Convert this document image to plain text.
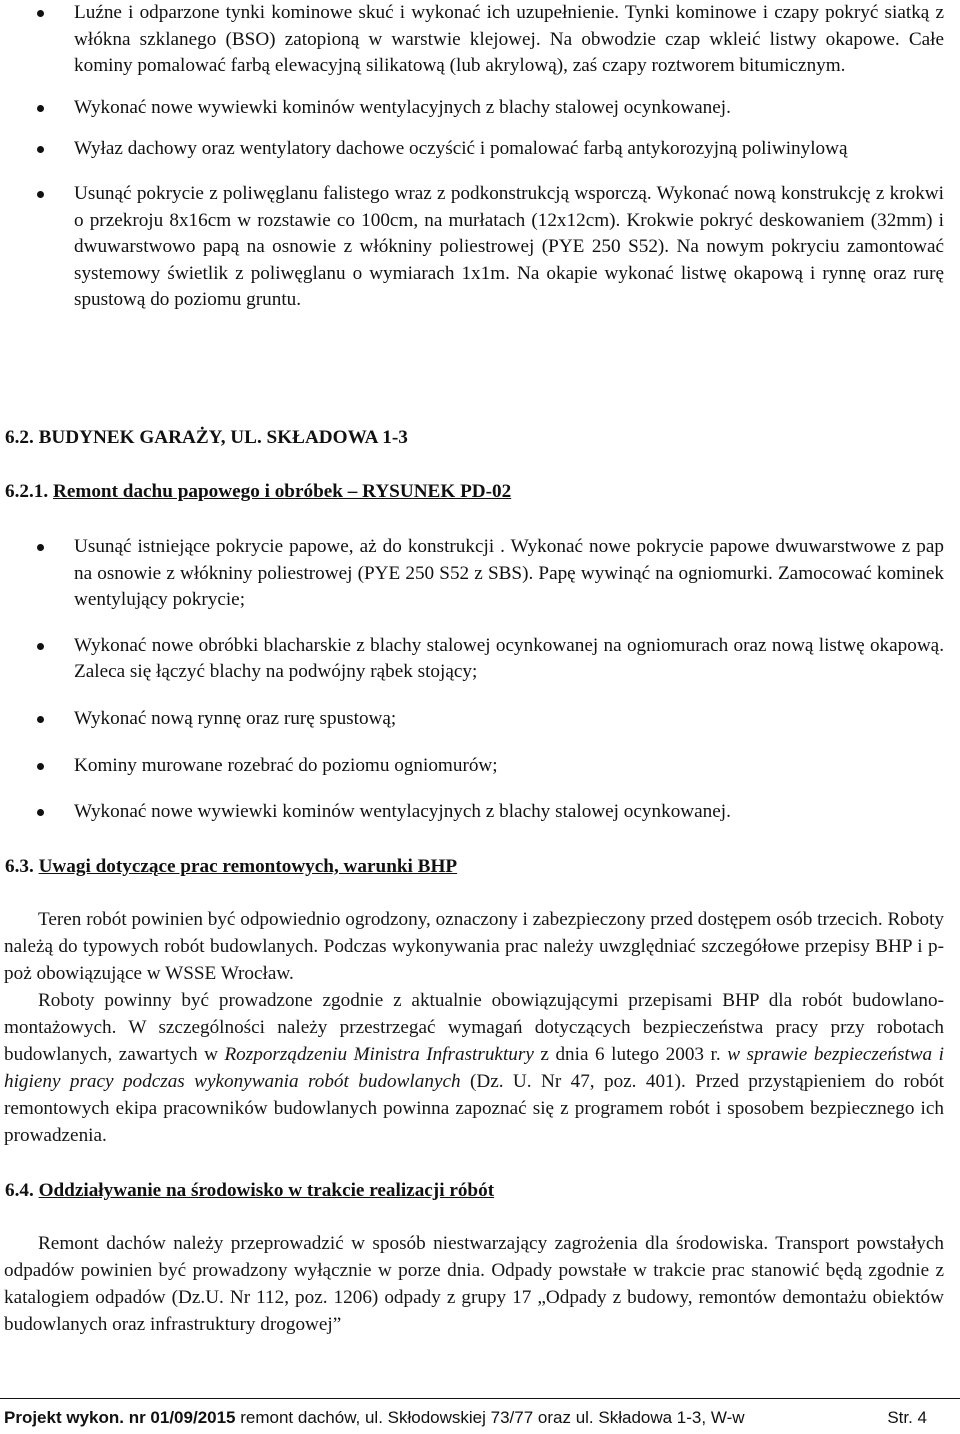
Luźne i odparzone tynki kominowe skuć i wykonać ich uzupełnienie. Tynki kominowe i czapy pokryć siatką z włókna szklanego (BSO) zatopioną w warstwie klejowej. Na obwodzie czap wkleić listwy okapowe. Całe kominy pomalować farbą elewacyjną silikatową (lub akrylową), zaś czapy roztworem bitumicznym.
Wykonać nowe wywiewki kominów wentylacyjnych z blachy stalowej ocynkowanej.
Wyłaz dachowy oraz wentylatory dachowe oczyścić i pomalować farbą antykorozyjną poliwinylową
Usunąć pokrycie z poliwęglanu falistego wraz z podkonstrukcją wsporczą. Wykonać nową konstrukcję z krokwi o przekroju 8x16cm w rozstawie co 100cm, na murłatach (12x12cm). Krokwie pokryć deskowaniem (32mm) i dwuwarstwowo papą na osnowie z włókniny poliestrowej (PYE 250 S52). Na nowym pokryciu zamontować systemowy świetlik z poliwęglanu o wymiarach 1x1m. Na okapie wykonać listwę okapową i rynnę oraz rurę spustową do poziomu gruntu.
6.2. BUDYNEK GARAŻY, UL. SKŁADOWA 1-3
6.2.1. Remont dachu papowego i obróbek – RYSUNEK PD-02
Usunąć istniejące pokrycie papowe, aż do konstrukcji . Wykonać nowe pokrycie papowe dwuwarstwowe z pap na osnowie z włókniny poliestrowej (PYE 250 S52 z SBS). Papę wywinąć na ogniomurki. Zamocować kominek wentylujący pokrycie;
Wykonać nowe obróbki blacharskie z blachy stalowej ocynkowanej na ogniomurach oraz nową listwę okapową. Zaleca się łączyć blachy na podwójny rąbek stojący;
Wykonać nową rynnę oraz rurę spustową;
Kominy murowane rozebrać do poziomu ogniomurów;
Wykonać nowe wywiewki kominów wentylacyjnych z blachy stalowej ocynkowanej.
6.3. Uwagi dotyczące prac remontowych, warunki BHP

Teren robót powinien być odpowiednio ogrodzony, oznaczony i zabezpieczony przed dostępem osób trzecich. Roboty należą do typowych robót budowlanych. Podczas wykonywania prac należy uwzględniać szczegółowe przepisy BHP i p-poż obowiązujące w WSSE Wrocław.

Roboty powinny być prowadzone zgodnie z aktualnie obowiązującymi przepisami BHP dla robót budowlano-montażowych. W szczególności należy przestrzegać wymagań dotyczących bezpieczeństwa pracy przy robotach budowlanych, zawartych w Rozporządzeniu Ministra Infrastruktury z dnia 6 lutego 2003 r. w sprawie bezpieczeństwa i higieny pracy podczas wykonywania robót budowlanych (Dz. U. Nr 47, poz. 401). Przed przystąpieniem do robót remontowych ekipa pracowników budowlanych powinna zapoznać się z programem robót i sposobem bezpiecznego ich prowadzenia.

6.4. Oddziaływanie na środowisko w trakcie realizacji róbót

Remont dachów należy przeprowadzić w sposób niestwarzający zagrożenia dla środowiska. Transport powstałych odpadów powinien być prowadzony wyłącznie w porze dnia. Odpady powstałe w trakcie prac stanowić będą zgodnie z katalogiem odpadów (Dz.U. Nr 112, poz. 1206) odpady z grupy 17 „Odpady z budowy, remontów demontażu obiektów budowlanych oraz infrastruktury drogowej”

Projekt wykon. nr 01/09/2015 remont dachów, ul. Skłodowskiej 73/77 oraz ul. Składowa 1-3, W-w	Str. 4
